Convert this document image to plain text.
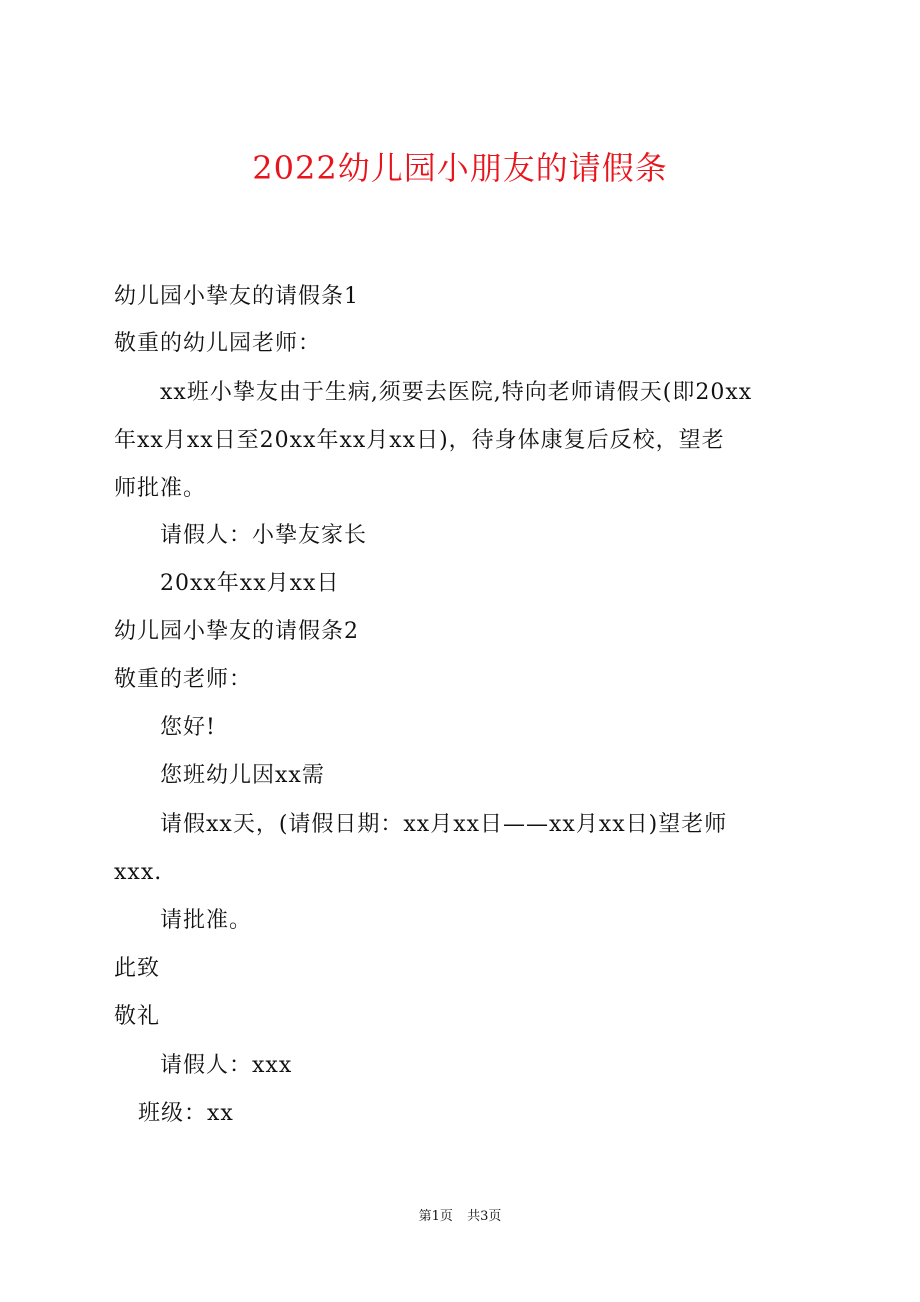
2022幼儿园小朋友的请假条
幼儿园小挚友的请假条1
敬重的幼儿园老师：
xx班小挚友由于生病,须要去医院,特向老师请假天(即20xx
年xx月xx日至20xx年xx月xx日)，待身体康复后反校，望老
师批准。
请假人：小挚友家长
20xx年xx月xx日
幼儿园小挚友的请假条2
敬重的老师：
您好!
您班幼儿因xx需
请假xx天，(请假日期：xx月xx日——xx月xx日)望老师
xxx.
请批准。
此致
敬礼
请假人：xxx
班级：xx
第1页 共3页
